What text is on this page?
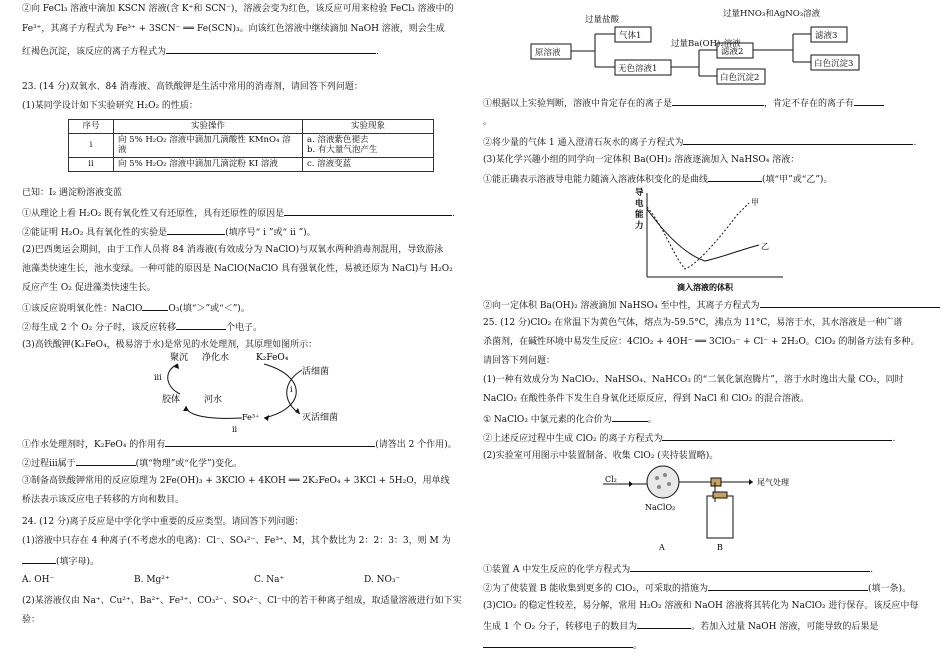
②向 FeCl₃ 溶液中滴加 KSCN 溶液(含 K⁺和 SCN⁻)，溶液会变为红色，该反应可用来检验 FeCl₃ 溶液中的
Fe³⁺，其离子方程式为 Fe³⁺ + 3SCN⁻ ══ Fe(SCN)₃。向该红色溶液中继续滴加 NaOH 溶液，则会生成
红褐色沉淀，该反应的离子方程式为	.
23. (14 分)双氧水、84 消毒液、高铁酸钾是生活中常用的消毒剂，请回答下列问题：
(1)某同学设计如下实验研究 H₂O₂ 的性质：
序号	实验操作	实验现象
i	向 5% H₂O₂ 溶液中滴加几滴酸性 KMnO₄ 溶液	a. 溶液紫色褪去
b. 有大量气泡产生

ii	向 5% H₂O₂ 溶液中滴加几滴淀粉 KI 溶液	c. 溶液变蓝
已知：I₂ 遇淀粉溶液变蓝
①从理论上看 H₂O₂ 既有氧化性又有还原性，具有还原性的原因是	.
②能证明 H₂O₂ 具有氧化性的实验是	(填序号“ i ”或“ ii ”)。
(2)巴西奥运会期间，由于工作人员将 84 消毒液(有效成分为 NaClO)与双氧水两种消毒剂混用，导致游泳
池藻类快速生长，池水变绿。一种可能的原因是 NaClO(NaClO 具有强氧化性，易被还原为 NaCl)与 H₂O₂
反应产生 O₂ 促进藻类快速生长。
①该反应说明氧化性：NaClO	O₃(填“＞”或“＜”)。
②每生成 2 个 O₂ 分子时，该反应转移	个电子。
(3)高铁酸钾(K₂FeO₄，极易溶于水)是常见的水处理剂，其原理如图所示：
聚沉 净化水	K₂FeO₄
活细菌
胶体	河水
Fe³⁺	灭活细菌
iii
i
ii
①作水处理剂时，K₂FeO₄ 的作用有	(请答出 2 个作用)。
②过程iii属于	(填“物理”或“化学”)变化。
③制备高铁酸钾常用的反应原理为 2Fe(OH)₃ + 3KClO + 4KOH ══ 2K₂FeO₄ + 3KCl + 5H₂O，用单线
桥法表示该反应电子转移的方向和数目。
24. (12 分)离子反应是中学化学中重要的反应类型。请回答下列问题：
(1)溶液中只存在 4 种离子(不考虑水的电离)：Cl⁻、SO₄²⁻、Fe³⁺、M，其个数比为 2：2：3：3，则 M 为
(填字母)。
A. OH⁻	B. Mg²⁺	C. Na⁺	D. NO₃⁻
(2)某溶液仅由 Na⁺、Cu²⁺、Ba²⁺、Fe³⁺、CO₃²⁻、SO₄²⁻、Cl⁻中的若干种离子组成，取适量溶液进行如下实
验：
原溶液
过量盐酸
气体1
无色溶液1
过量Ba(OH)₂溶液
滤液2
白色沉淀2
过量HNO₃和AgNO₃溶液
滤液3
白色沉淀3
①根据以上实验判断，溶液中肯定存在的离子是	，肯定不存在的离子有
。
②将少量的气体 1 通入澄清石灰水的离子方程式为	.
(3)某化学兴趣小组的同学向一定体积 Ba(OH)₂ 溶液逐滴加入 NaHSO₄ 溶液：
①能正确表示溶液导电能力随滴入溶液体积变化的是曲线	(填“甲”或“乙”)。
导
电
能
力
甲
乙
滴入溶液的体积
②向一定体积 Ba(OH)₂ 溶液滴加 NaHSO₄ 至中性，其离子方程式为
25. (12 分)ClO₂ 在常温下为黄色气体，熔点为-59.5°C，沸点为 11°C，易溶于水，其水溶液是一种广谱
杀菌剂，在碱性环境中易发生反应：4ClO₂ + 4OH⁻ ══ 3ClO₃⁻ + Cl⁻ + 2H₂O。ClO₂ 的制备方法有多种。
请回答下列问题：
(1)一种有效成分为 NaClO₂、NaHSO₄、NaHCO₃ 的“二氧化氯泡腾片”，溶于水时逸出大量 CO₂，同时
NaClO₂ 在酸性条件下发生自身氧化还原反应，得到 NaCl 和 ClO₂ 的混合溶液。
① NaClO₂ 中氯元素的化合价为	。
②上述反应过程中生成 ClO₂ 的离子方程式为	.
(2)实验室可用图示中装置制备、收集 ClO₂ (夹持装置略)。
Cl₂
NaClO₂
尾气处理
A	B
①装置 A 中发生反应的化学方程式为	.
②为了使装置 B 能收集到更多的 ClO₂，可采取的措施为	(填一条)。
(3)ClO₂ 的稳定性较差，易分解，常用 H₂O₂ 溶液和 NaOH 溶液将其转化为 NaClO₂ 进行保存。该反应中每
生成 1 个 O₂ 分子，转移电子的数目为	。若加入过量 NaOH 溶液，可能导致的后果是
。
